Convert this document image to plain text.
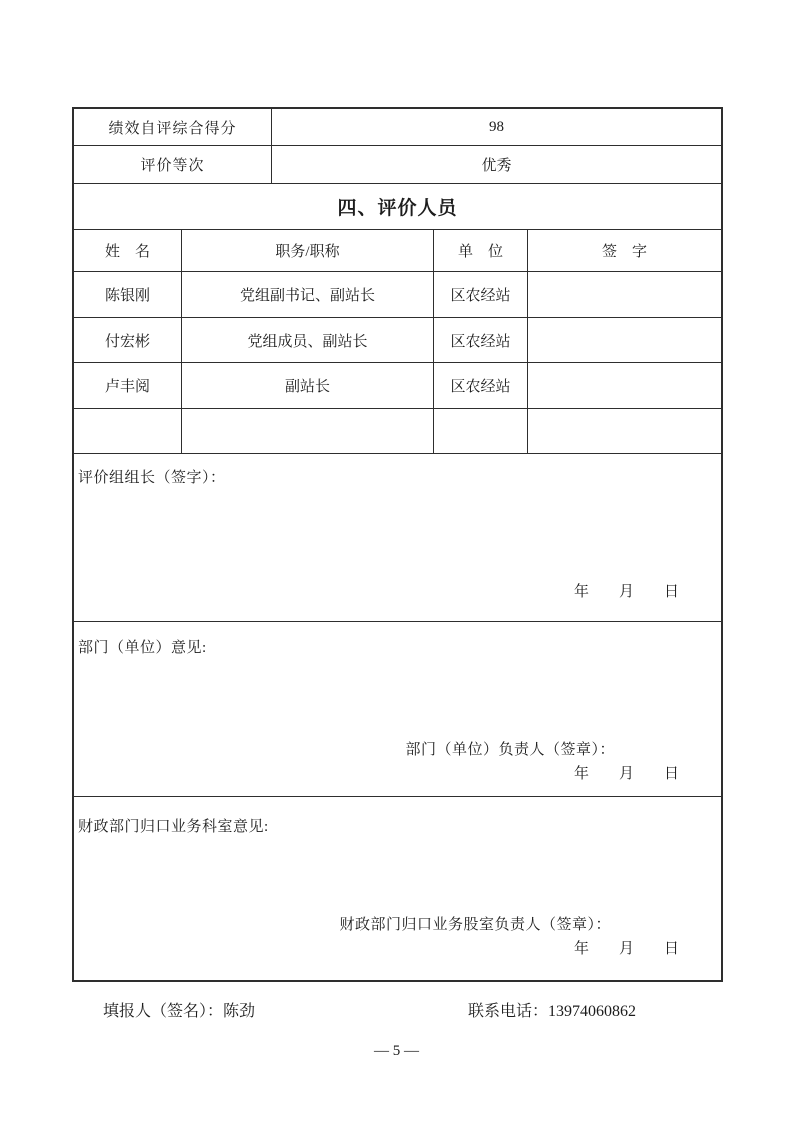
绩效自评综合得分	98
评价等次	优秀
四、评价人员
姓　名	职务/职称	单　位	签　字
陈银刚	党组副书记、副站长	区农经站
付宏彬	党组成员、副站长	区农经站
卢丰阅	副站长	区农经站
评价组组长（签字）：
年　　月　　日
部门（单位）意见:
部门（单位）负责人（签章）：
年　　月　　日
财政部门归口业务科室意见:
财政部门归口业务股室负责人（签章）：
年　　月　　日
填报人（签名）：陈劲	联系电话：13974060862
— 5 —
